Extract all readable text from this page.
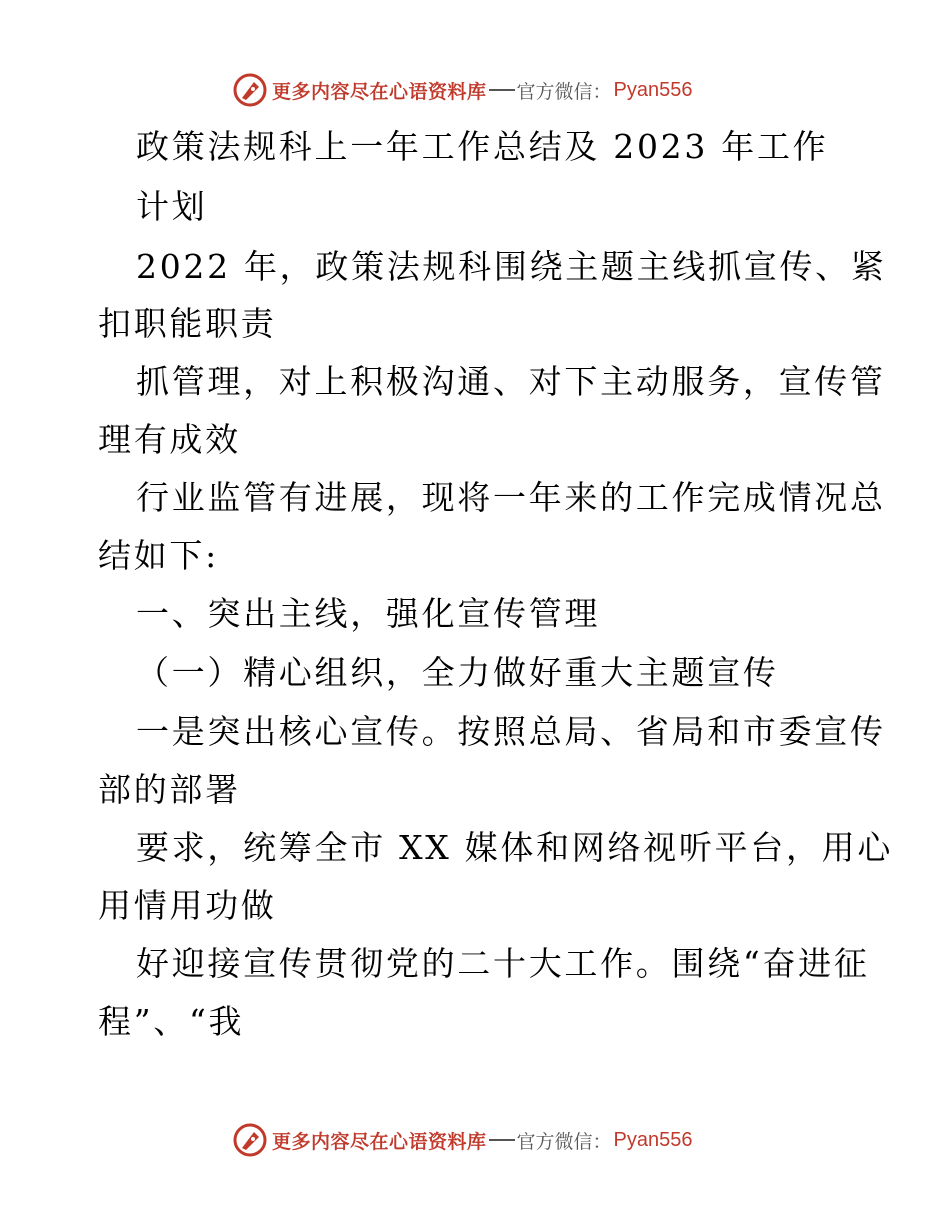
更多内容尽在心语资料库 官方微信： Pyan556
政策法规科上一年工作总结及 2023 年工作
计划
2022 年，政策法规科围绕主题主线抓宣传、紧
扣职能职责
抓管理，对上积极沟通、对下主动服务，宣传管
理有成效
行业监管有进展，现将一年来的工作完成情况总
结如下:
一、突出主线，强化宣传管理
（一）精心组织，全力做好重大主题宣传
一是突出核心宣传。按照总局、省局和市委宣传
部的部署
要求，统筹全市 XX 媒体和网络视听平台，用心
用情用功做
好迎接宣传贯彻党的二十大工作。围绕“奋进征
程”、“我
更多内容尽在心语资料库 官方微信： Pyan556
